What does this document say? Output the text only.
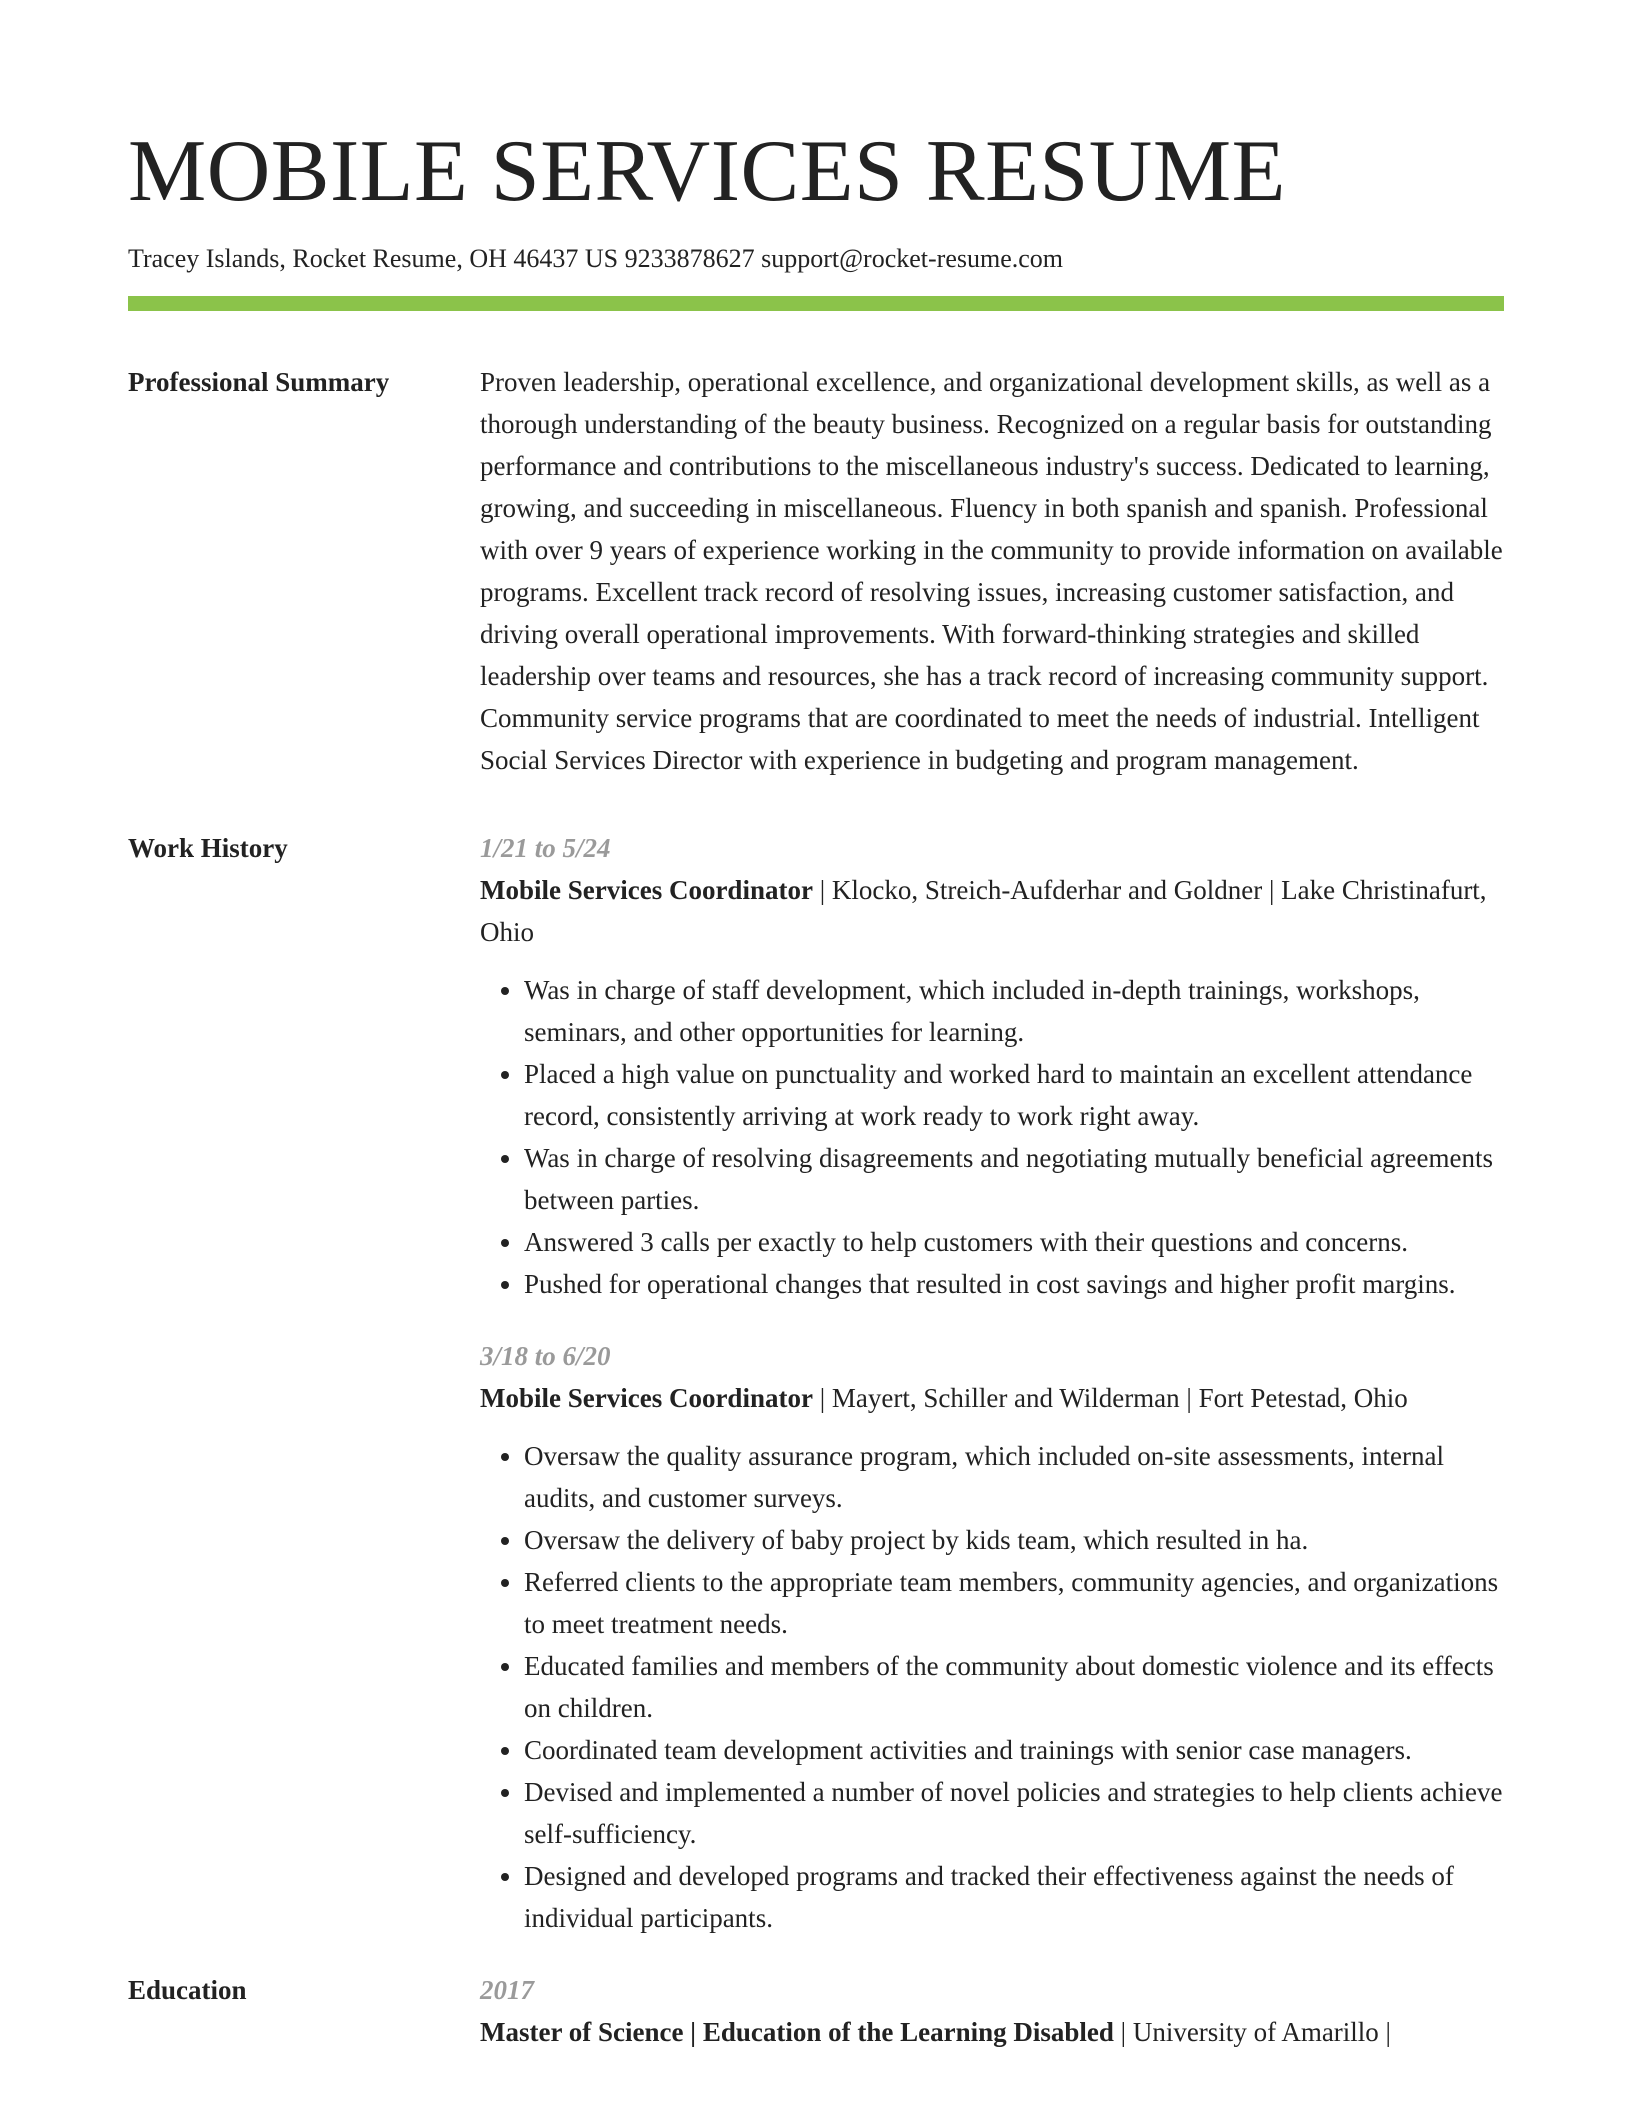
MOBILE SERVICES RESUME
Tracey Islands, Rocket Resume, OH 46437 US 9233878627 support@rocket-resume.com
Professional Summary	Proven leadership, operational excellence, and organizational development skills, as well as a thorough understanding of the beauty business. Recognized on a regular basis for outstanding performance and contributions to the miscellaneous industry's success. Dedicated to learning, growing, and succeeding in miscellaneous. Fluency in both spanish and spanish. Professional with over 9 years of experience working in the community to provide information on available programs. Excellent track record of resolving issues, increasing customer satisfaction, and driving overall operational improvements. With forward-thinking strategies and skilled leadership over teams and resources, she has a track record of increasing community support. Community service programs that are coordinated to meet the needs of industrial. Intelligent Social Services Director with experience in budgeting and program management.

Work History	1/21 to 5/24

Mobile Services Coordinator | Klocko, Streich-Aufderhar and Goldner | Lake Christinafurt, Ohio

• Was in charge of staff development, which included in-depth trainings, workshops, seminars, and other opportunities for learning.
• Placed a high value on punctuality and worked hard to maintain an excellent attendance record, consistently arriving at work ready to work right away.
• Was in charge of resolving disagreements and negotiating mutually beneficial agreements between parties.
• Answered 3 calls per exactly to help customers with their questions and concerns.
• Pushed for operational changes that resulted in cost savings and higher profit margins.
3/18 to 6/20

Mobile Services Coordinator | Mayert, Schiller and Wilderman | Fort Petestad, Ohio

• Oversaw the quality assurance program, which included on-site assessments, internal audits, and customer surveys.
• Oversaw the delivery of baby project by kids team, which resulted in ha.
• Referred clients to the appropriate team members, community agencies, and organizations to meet treatment needs.
• Educated families and members of the community about domestic violence and its effects on children.
• Coordinated team development activities and trainings with senior case managers.
• Devised and implemented a number of novel policies and strategies to help clients achieve self-sufficiency.
• Designed and developed programs and tracked their effectiveness against the needs of individual participants.
Education	2017

Master of Science | Education of the Learning Disabled | University of Amarillo |
